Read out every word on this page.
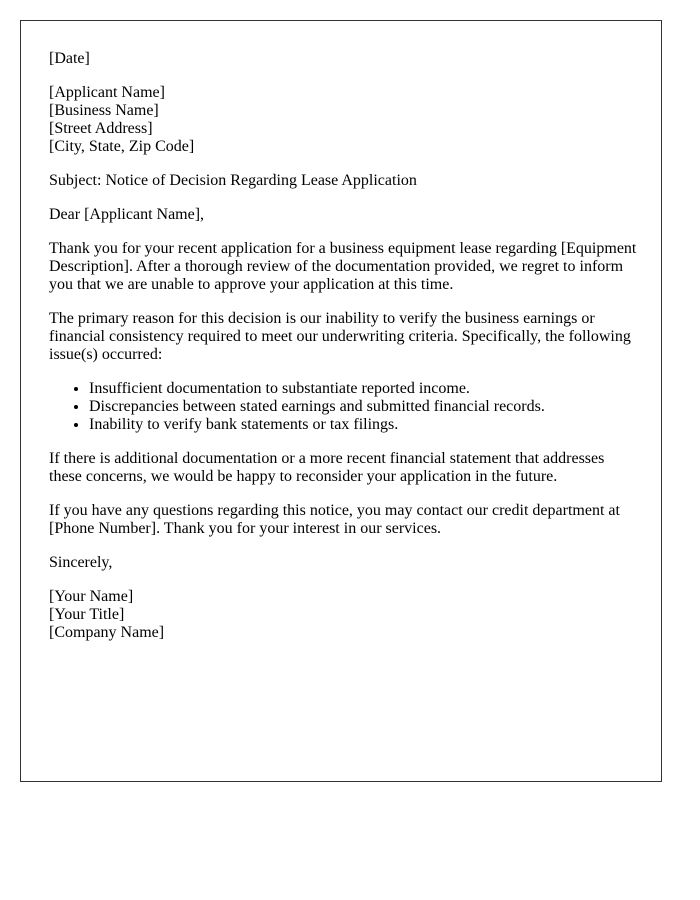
[Date]

[Applicant Name]
[Business Name]
[Street Address]
[City, State, Zip Code]

Subject: Notice of Decision Regarding Lease Application

Dear [Applicant Name],

Thank you for your recent application for a business equipment lease regarding [Equipment Description]. After a thorough review of the documentation provided, we regret to inform you that we are unable to approve your application at this time.

The primary reason for this decision is our inability to verify the business earnings or financial consistency required to meet our underwriting criteria. Specifically, the following issue(s) occurred:

• Insufficient documentation to substantiate reported income.
• Discrepancies between stated earnings and submitted financial records.
• Inability to verify bank statements or tax filings.

If there is additional documentation or a more recent financial statement that addresses these concerns, we would be happy to reconsider your application in the future.

If you have any questions regarding this notice, you may contact our credit department at [Phone Number]. Thank you for your interest in our services.

Sincerely,

[Your Name]
[Your Title]
[Company Name]
